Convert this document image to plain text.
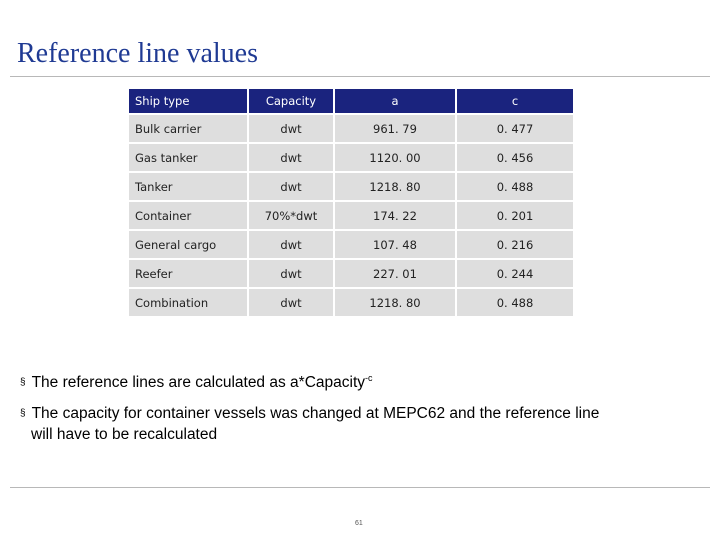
Reference line values
Ship type	Capacity	a	c
Bulk carrier	dwt	961. 79	0. 477
Gas tanker	dwt	1120. 00	0. 456
Tanker	dwt	1218. 80	0. 488
Container	70%*dwt	174. 22	0. 201
General cargo	dwt	107. 48	0. 216
Reefer	dwt	227. 01	0. 244
Combination	dwt	1218. 80	0. 488
§ The reference lines are calculated as a*Capacity$^{-c}$
§ The capacity for container vessels was changed at MEPC62 and the reference line
will have to be recalculated
61
